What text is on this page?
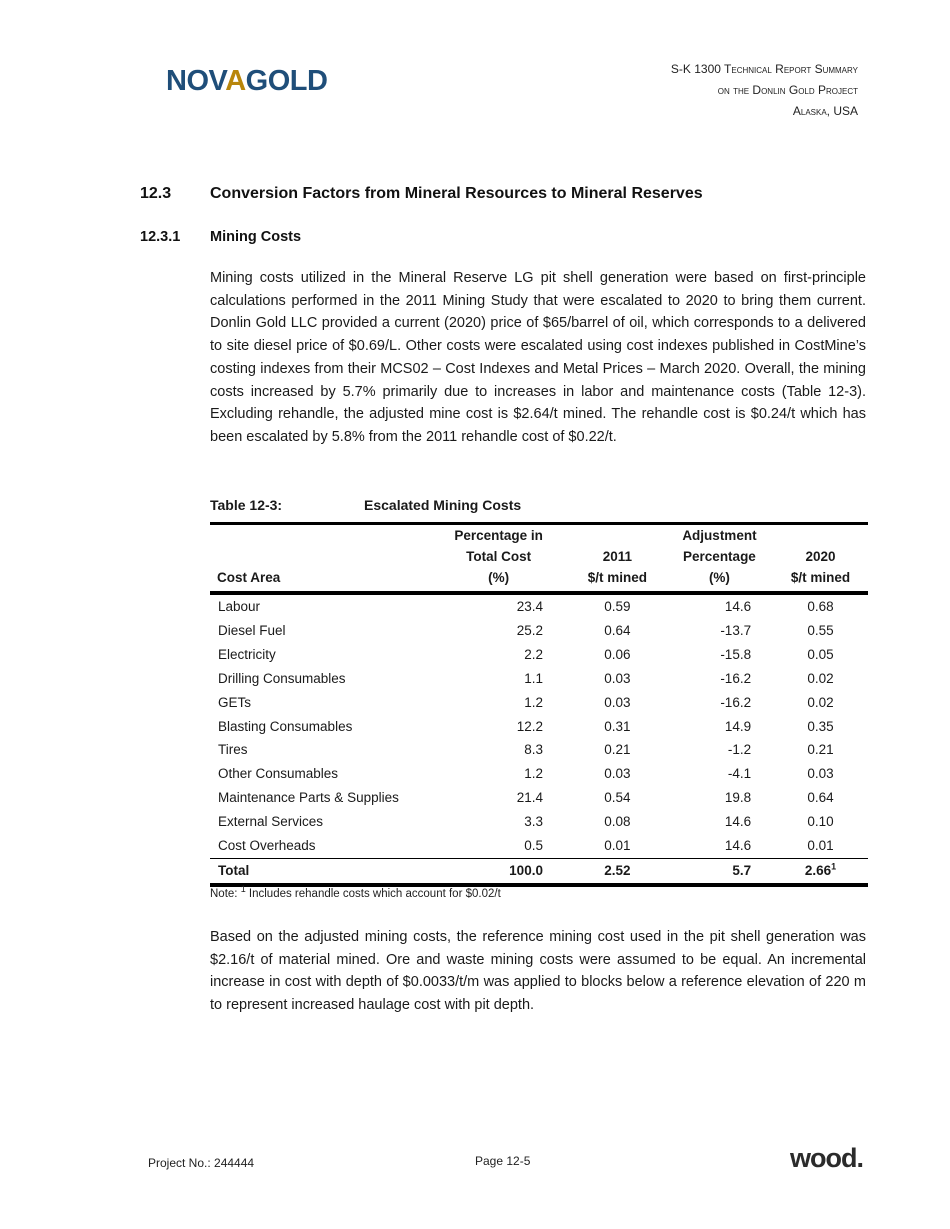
NOVAGOLD	S-K 1300 Technical Report Summary
on the Donlin Gold Project
Alaska, USA
12.3 Conversion Factors from Mineral Resources to Mineral Reserves
12.3.1 Mining Costs
Mining costs utilized in the Mineral Reserve LG pit shell generation were based on first-principle calculations performed in the 2011 Mining Study that were escalated to 2020 to bring them current. Donlin Gold LLC provided a current (2020) price of $65/barrel of oil, which corresponds to a delivered to site diesel price of $0.69/L. Other costs were escalated using cost indexes published in CostMine’s costing indexes from their MCS02 – Cost Indexes and Metal Prices – March 2020. Overall, the mining costs increased by 5.7% primarily due to increases in labor and maintenance costs (Table 12-3). Excluding rehandle, the adjusted mine cost is $2.64/t mined. The rehandle cost is $0.24/t which has been escalated by 5.8% from the 2011 rehandle cost of $0.22/t.
Table 12-3:	Escalated Mining Costs
	Percentage in		Adjustment	
	Total Cost	2011	Percentage	2020
Cost Area	(%)	$/t mined	(%)	$/t mined
Labour	23.4	0.59	14.6	0.68
Diesel Fuel	25.2	0.64	-13.7	0.55
Electricity	2.2	0.06	-15.8	0.05
Drilling Consumables	1.1	0.03	-16.2	0.02
GETs	1.2	0.03	-16.2	0.02
Blasting Consumables	12.2	0.31	14.9	0.35
Tires	8.3	0.21	-1.2	0.21
Other Consumables	1.2	0.03	-4.1	0.03
Maintenance Parts & Supplies	21.4	0.54	19.8	0.64
External Services	3.3	0.08	14.6	0.10
Cost Overheads	0.5	0.01	14.6	0.01
Total	100.0	2.52	5.7	2.66$^1$
Note: $^1$ Includes rehandle costs which account for $0.02/t
Based on the adjusted mining costs, the reference mining cost used in the pit shell generation was $2.16/t of material mined. Ore and waste mining costs were assumed to be equal. An incremental increase in cost with depth of $0.0033/t/m was applied to blocks below a reference elevation of 220 m to represent increased haulage cost with pit depth.
Project No.: 244444	Page 12-5	wood.
